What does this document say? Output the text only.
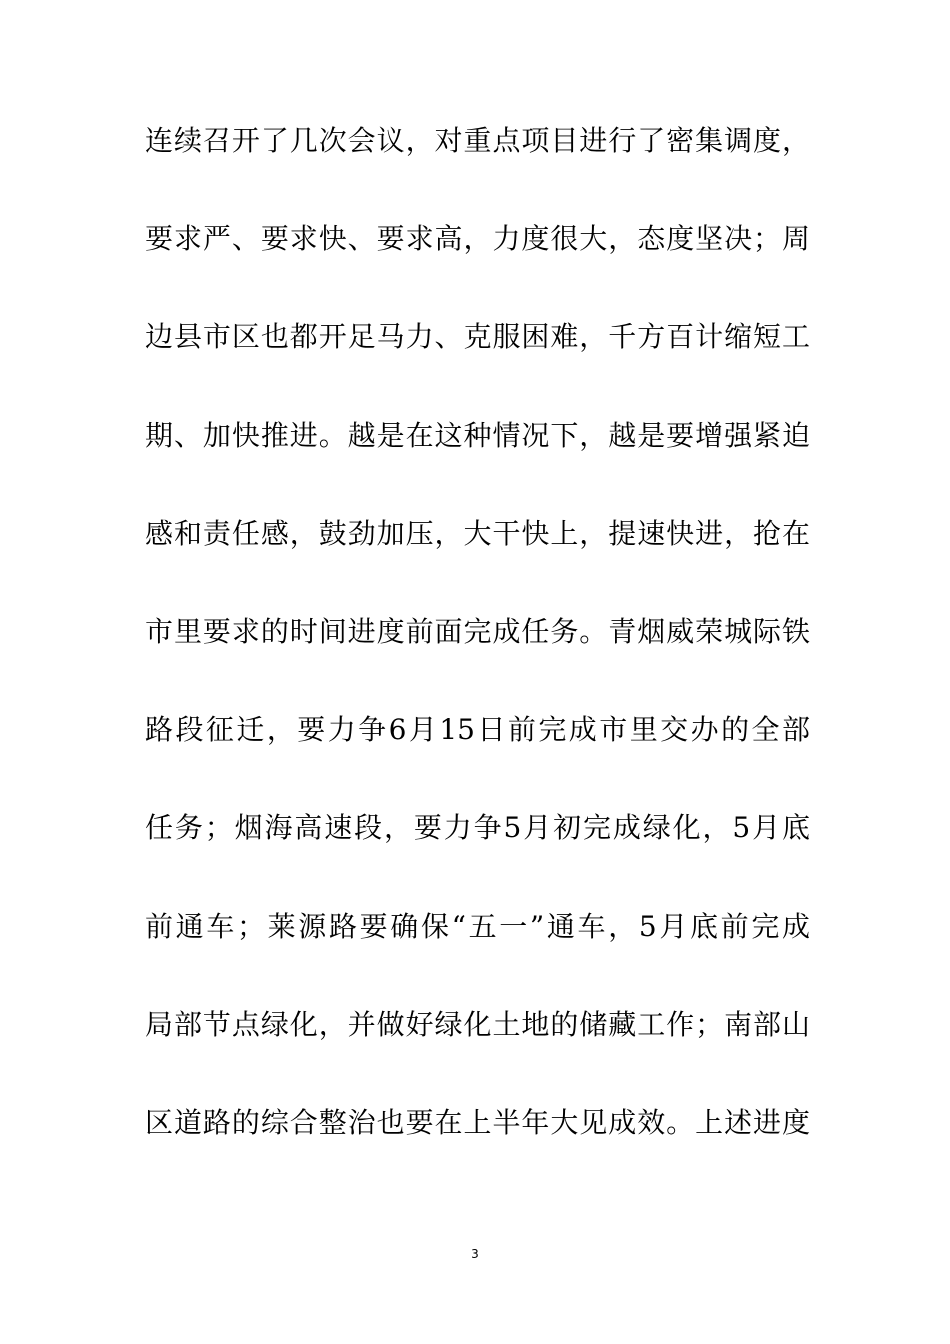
连续召开了几次会议，对重点项目进行了密集调度，
要求严、要求快、要求高，力度很大，态度坚决；周
边县市区也都开足马力、克服困难，千方百计缩短工
期、加快推进。越是在这种情况下，越是要增强紧迫
感和责任感，鼓劲加压，大干快上，提速快进，抢在
市里要求的时间进度前面完成任务。青烟威荣城际铁
路段征迁，要力争6月15日前完成市里交办的全部
任务；烟海高速段，要力争5月初完成绿化，5月底
前通车；莱源路要确保“五一”通车，5月底前完成
局部节点绿化，并做好绿化土地的储藏工作；南部山
区道路的综合整治也要在上半年大见成效。上述进度
3
